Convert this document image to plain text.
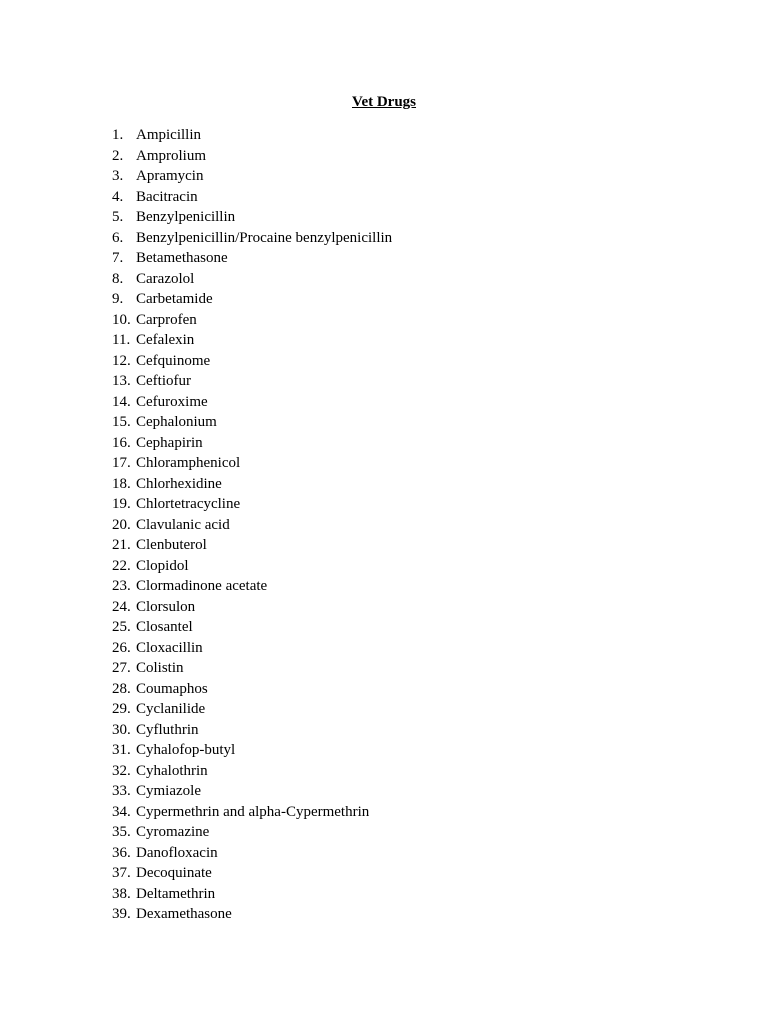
Vet Drugs
1. Ampicillin
2. Amprolium
3. Apramycin
4. Bacitracin
5. Benzylpenicillin
6. Benzylpenicillin/Procaine benzylpenicillin
7. Betamethasone
8. Carazolol
9. Carbetamide
10. Carprofen
11. Cefalexin
12. Cefquinome
13. Ceftiofur
14. Cefuroxime
15. Cephalonium
16. Cephapirin
17. Chloramphenicol
18. Chlorhexidine
19. Chlortetracycline
20. Clavulanic acid
21. Clenbuterol
22. Clopidol
23. Clormadinone acetate
24. Clorsulon
25. Closantel
26. Cloxacillin
27. Colistin
28. Coumaphos
29. Cyclanilide
30. Cyfluthrin
31. Cyhalofop-butyl
32. Cyhalothrin
33. Cymiazole
34. Cypermethrin and alpha-Cypermethrin
35. Cyromazine
36. Danofloxacin
37. Decoquinate
38. Deltamethrin
39. Dexamethasone
